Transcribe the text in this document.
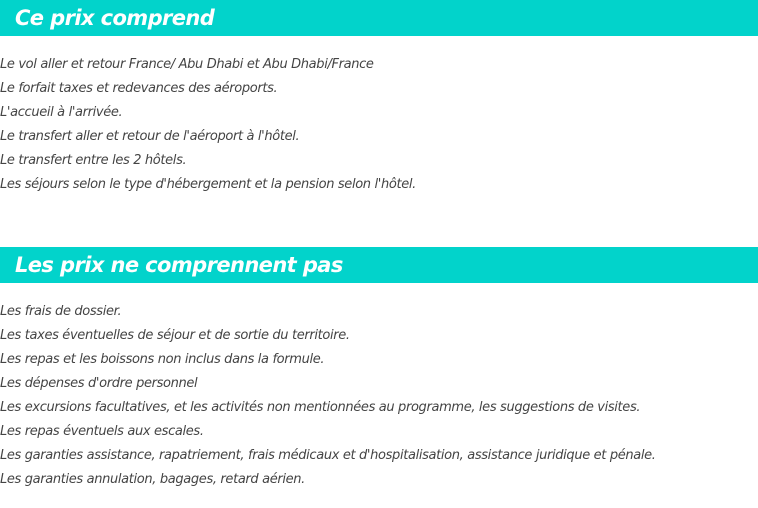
Ce prix comprend
Le vol aller et retour France/ Abu Dhabi et Abu Dhabi/France
Le forfait taxes et redevances des aéroports.
L'accueil à l'arrivée.
Le transfert aller et retour de l'aéroport à l'hôtel.
Le transfert entre les 2 hôtels.
Les séjours selon le type d'hébergement et la pension selon l'hôtel.
Les prix ne comprennent pas
Les frais de dossier.
Les taxes éventuelles de séjour et de sortie du territoire.
Les repas et les boissons non inclus dans la formule.
Les dépenses d'ordre personnel
Les excursions facultatives, et les activités non mentionnées au programme, les suggestions de visites.
Les repas éventuels aux escales.
Les garanties assistance, rapatriement, frais médicaux et d'hospitalisation, assistance juridique et pénale.
Les garanties annulation, bagages, retard aérien.
